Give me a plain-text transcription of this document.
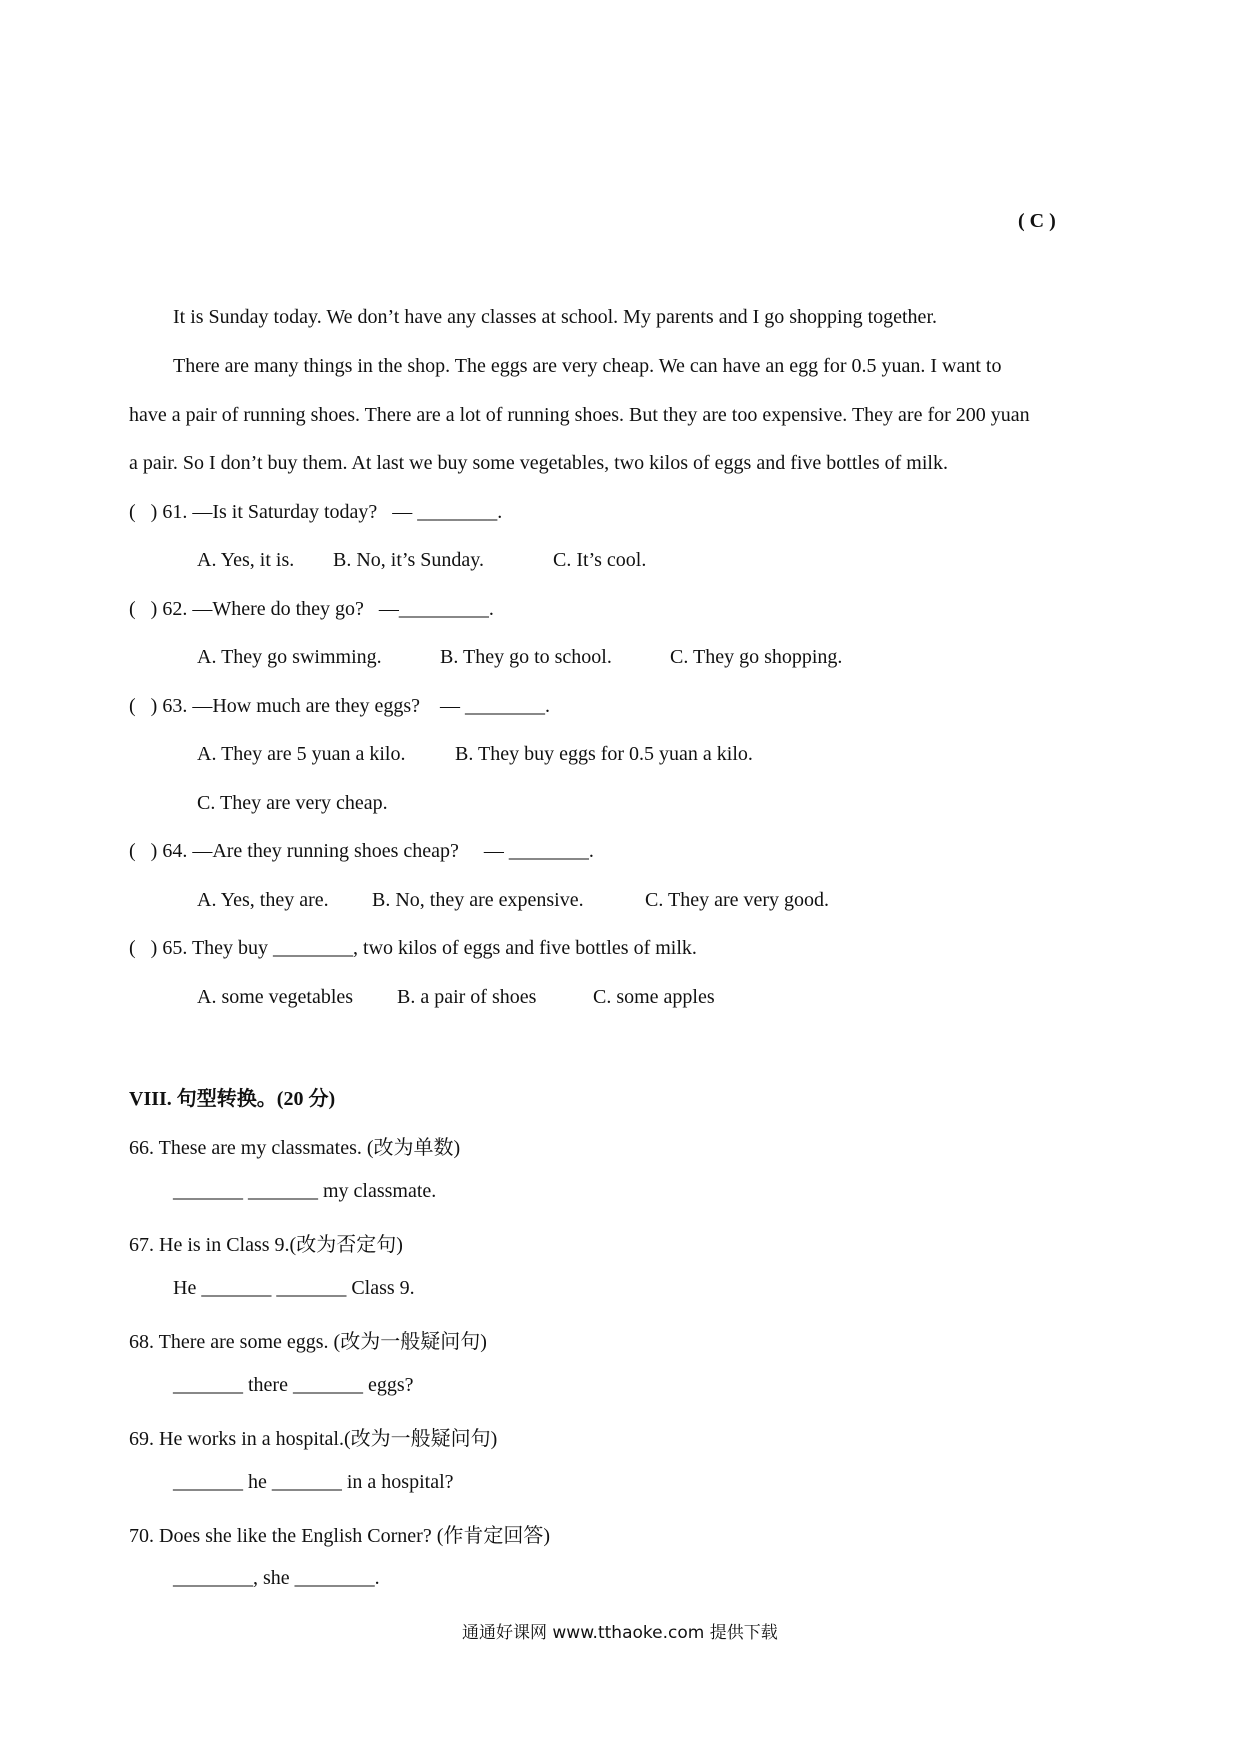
( C )
It is Sunday today. We don’t have any classes at school. My parents and I go shopping together.
There are many things in the shop. The eggs are very cheap. We can have an egg for 0.5 yuan. I want to
have a pair of running shoes. There are a lot of running shoes. But they are too expensive. They are for 200 yuan
a pair. So I don’t buy them. At last we buy some vegetables, two kilos of eggs and five bottles of milk.
(   ) 61. —Is it Saturday today?   — ________.
A. Yes, it is. B. No, it’s Sunday.	C. It’s cool.
(   ) 62. —Where do they go?   —_________.
A. They go swimming.	B. They go to school.	C. They go shopping.
(   ) 63. —How much are they eggs?    — ________.
A. They are 5 yuan a kilo. B. They buy eggs for 0.5 yuan a kilo.
C. They are very cheap.
(   ) 64. —Are they running shoes cheap?     — ________.
A. Yes, they are. B. No, they are expensive.	C. They are very good.
(   ) 65. They buy ________, two kilos of eggs and five bottles of milk.
A. some vegetables B. a pair of shoes	C. some apples
VIII. 句型转换。(20 分)
66. These are my classmates. (改为单数)
_______ _______ my classmate.
67. He is in Class 9.(改为否定句)
He _______ _______ Class 9.
68. There are some eggs. (改为一般疑问句)
_______ there _______ eggs?
69. He works in a hospital.(改为一般疑问句)
_______ he _______ in a hospital?
70. Does she like the English Corner? (作肯定回答)
________, she ________.
通通好课网 www.tthaoke.com 提供下载
